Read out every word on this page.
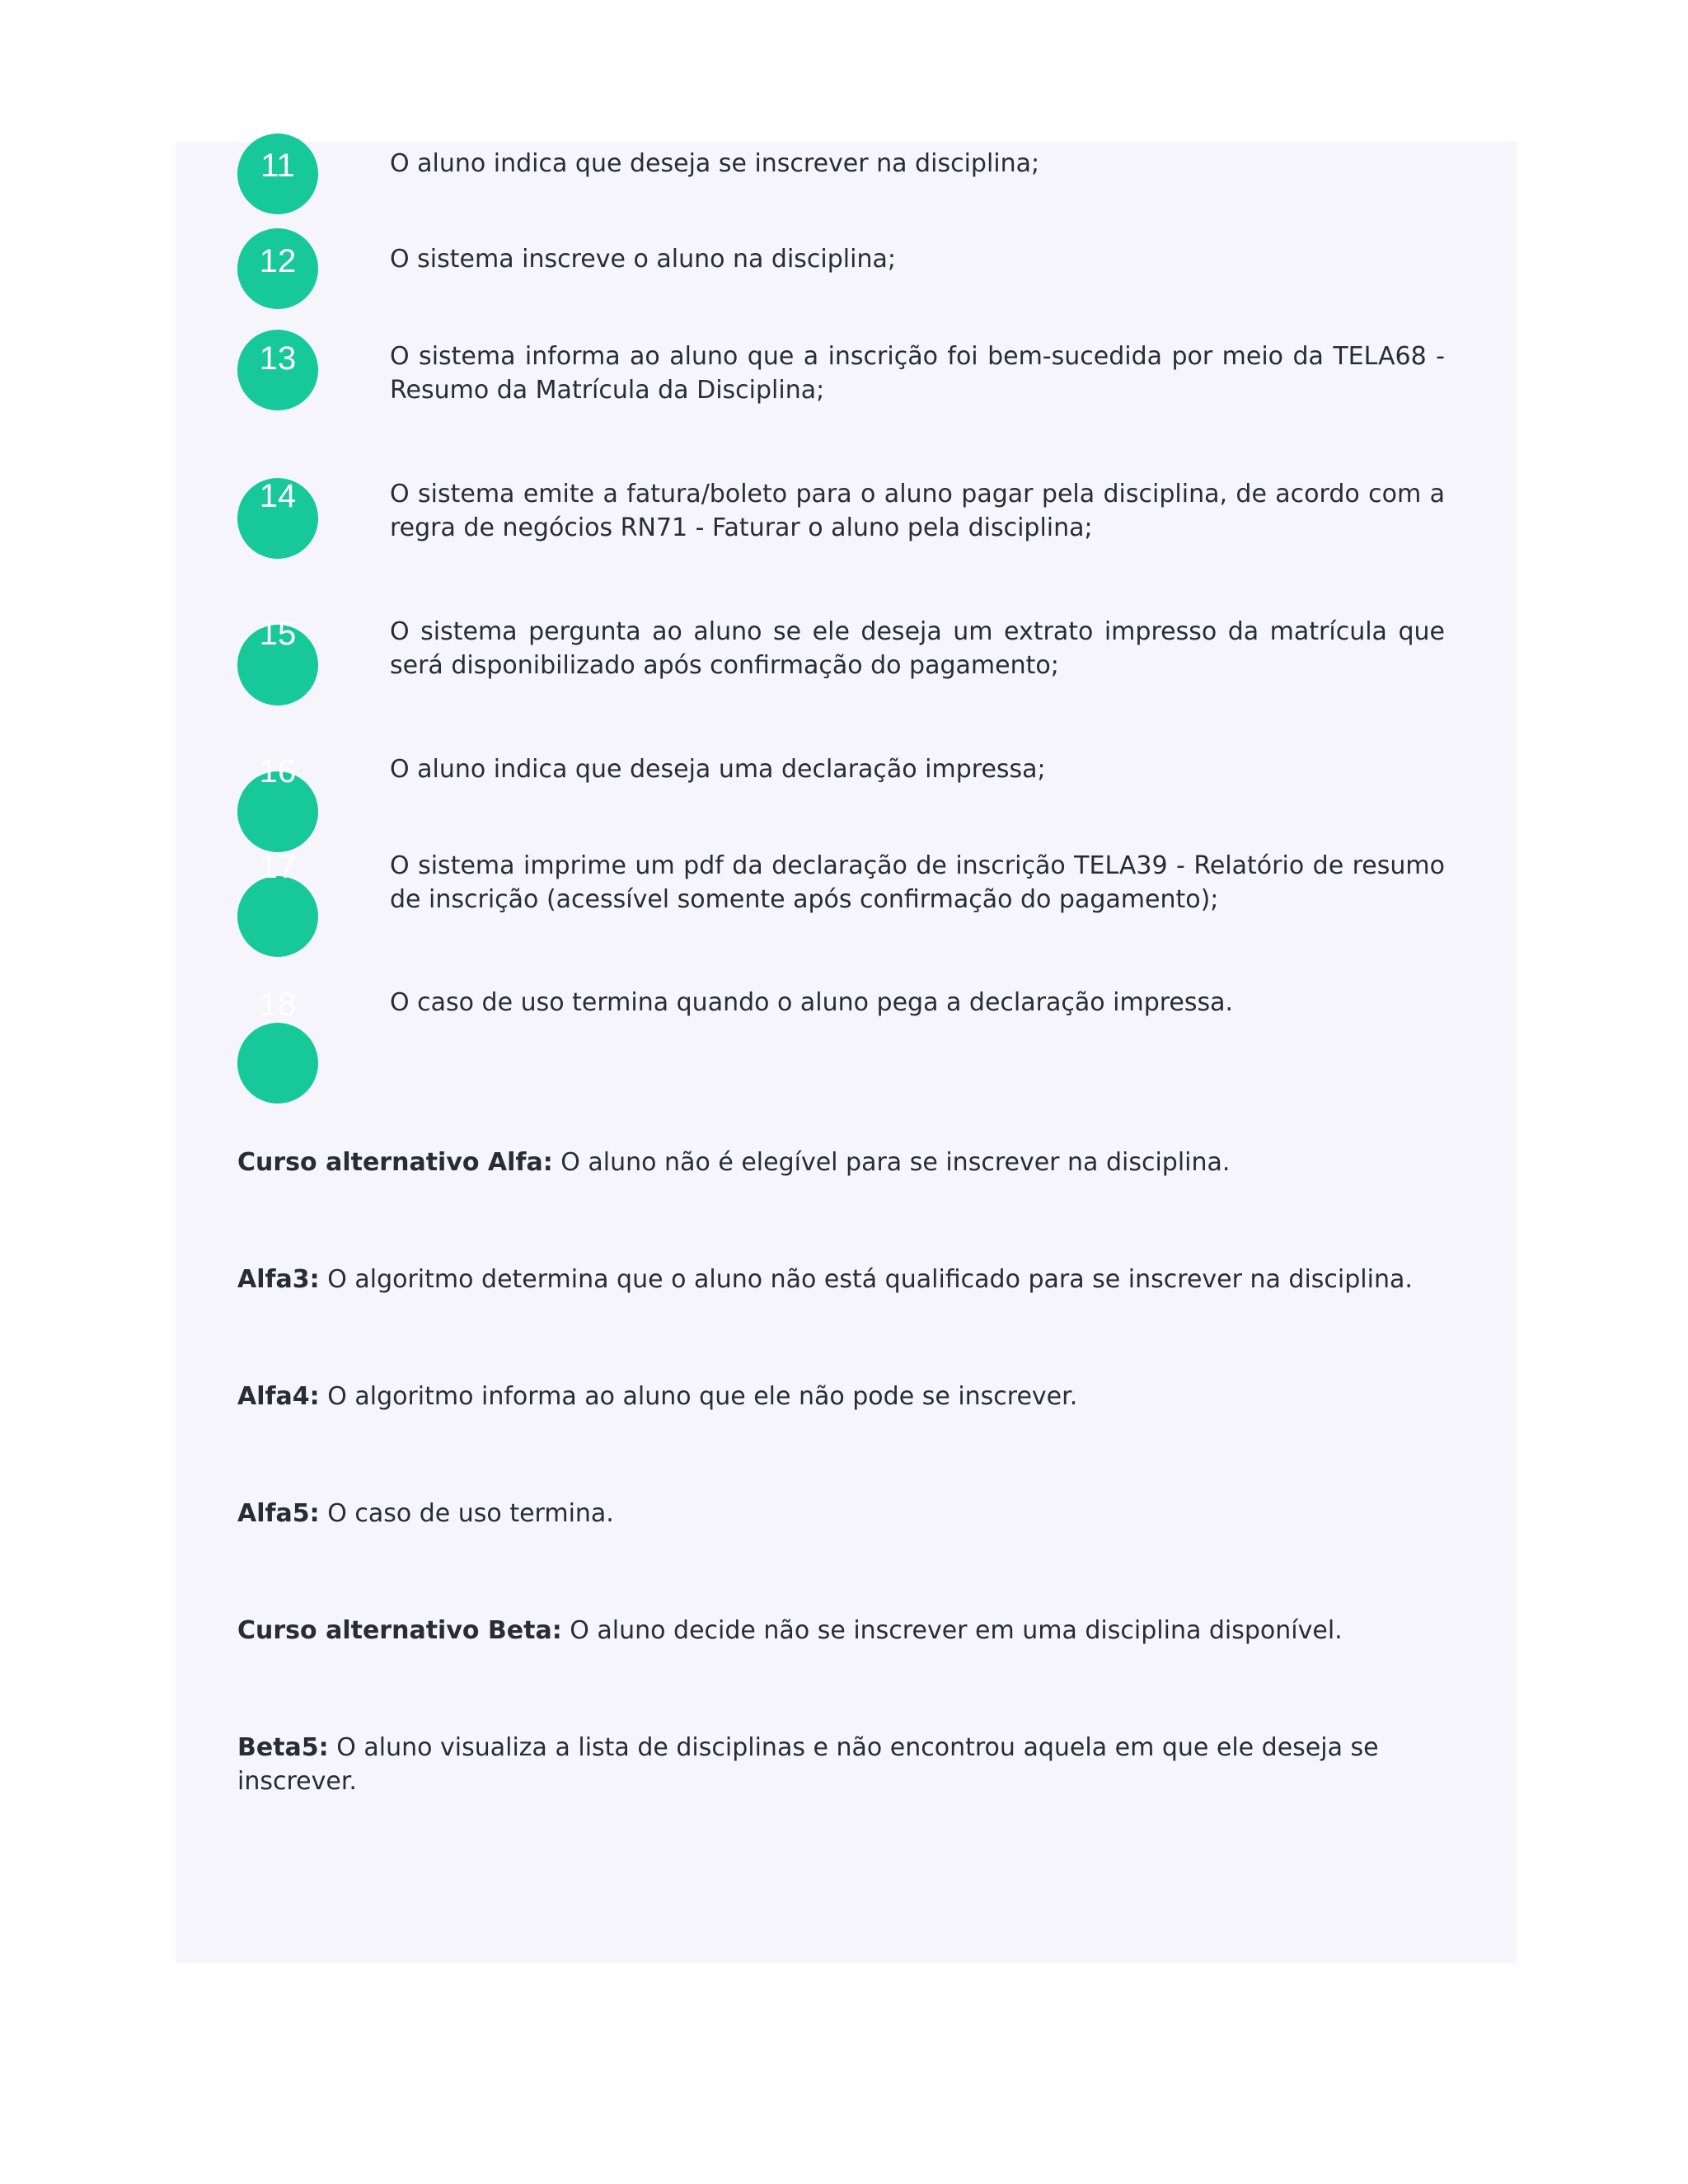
11	O aluno indica que deseja se inscrever na disciplina;
12	O sistema inscreve o aluno na disciplina;
13	O sistema informa ao aluno que a inscrição foi bem-sucedida por meio da TELA68 - Resumo da Matrícula da Disciplina;
14	O sistema emite a fatura/boleto para o aluno pagar pela disciplina, de acordo com a regra de negócios RN71 - Faturar o aluno pela disciplina;
15	O sistema pergunta ao aluno se ele deseja um extrato impresso da matrícula que será disponibilizado após confirmação do pagamento;
16	O aluno indica que deseja uma declaração impressa;
17	O sistema imprime um pdf da declaração de inscrição TELA39 - Relatório de resumo de inscrição (acessível somente após confirmação do pagamento);
18	O caso de uso termina quando o aluno pega a declaração impressa.
Curso alternativo Alfa: O aluno não é elegível para se inscrever na disciplina.
Alfa3: O algoritmo determina que o aluno não está qualificado para se inscrever na disciplina.
Alfa4: O algoritmo informa ao aluno que ele não pode se inscrever.
Alfa5: O caso de uso termina.
Curso alternativo Beta: O aluno decide não se inscrever em uma disciplina disponível.
Beta5: O aluno visualiza a lista de disciplinas e não encontrou aquela em que ele deseja se inscrever.
